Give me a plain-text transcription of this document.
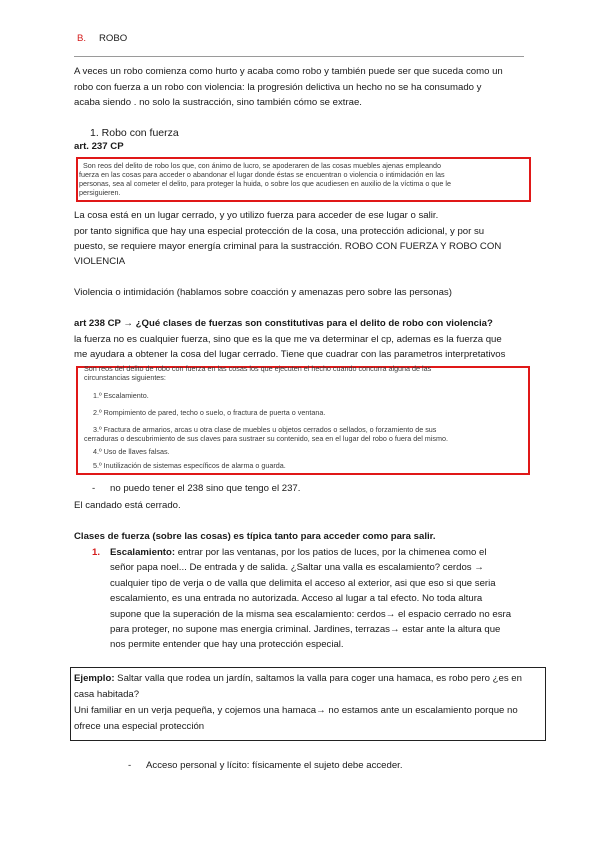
B. ROBO
A veces un robo comienza como hurto y acaba como robo y también puede ser que suceda como un
robo con fuerza a un robo con violencia: la progresión delictiva un hecho no se ha consumado y
acaba siendo . no solo la sustracción, sino también cómo se extrae.
1. Robo con fuerza
art. 237 CP
Son reos del delito de robo los que, con ánimo de lucro, se apoderaren de las cosas muebles ajenas empleando
fuerza en las cosas para acceder o abandonar el lugar donde éstas se encuentran o violencia o intimidación en las
personas, sea al cometer el delito, para proteger la huida, o sobre los que acudiesen en auxilio de la víctima o que le
persiguieren.
La cosa está en un lugar cerrado, y yo utilizo fuerza para acceder de ese lugar o salir.
por tanto significa que hay una especial protección de la cosa, una protección adicional, y por su
puesto, se requiere mayor energía criminal para la sustracción. ROBO CON FUERZA Y ROBO CON
VIOLENCIA
Violencia o intimidación (hablamos sobre coacción y amenazas pero sobre las personas)
art 238 CP → ¿Qué clases de fuerzas son constitutivas para el delito de robo con violencia?
la fuerza no es cualquier fuerza, sino que es la que me va determinar el cp, ademas es la fuerza que
me ayudara a obtener la cosa del lugar cerrado. Tiene que cuadrar con las parametros interpretativos
Son reos del delito de robo con fuerza en las cosas los que ejecuten el hecho cuando concurra alguna de las
circunstancias siguientes:
1.º Escalamiento.
2.º Rompimiento de pared, techo o suelo, o fractura de puerta o ventana.
3.º Fractura de armarios, arcas u otra clase de muebles u objetos cerrados o sellados, o forzamiento de sus
cerraduras o descubrimiento de sus claves para sustraer su contenido, sea en el lugar del robo o fuera del mismo.
4.º Uso de llaves falsas.
5.º Inutilización de sistemas específicos de alarma o guarda.
- no puedo tener el 238 sino que tengo el 237.
El candado está cerrado.
Clases de fuerza (sobre las cosas) es típica tanto para acceder como para salir.
1. Escalamiento: entrar por las ventanas, por los patios de luces, por la chimenea como el
señor papa noel... De entrada y de salida. ¿Saltar una valla es escalamiento? cerdos →
cualquier tipo de verja o de valla que delimita el acceso al exterior, asi que eso si que seria
escalamiento, es una entrada no autorizada. Acceso al lugar a tal efecto. No toda altura
supone que la superación de la misma sea escalamiento: cerdos→ el espacio cerrado no esra
para proteger, no supone mas energia criminal. Jardines, terrazas→ estar ante la altura que
nos permite entender que hay una protección especial.
Ejemplo: Saltar valla que rodea un jardín, saltamos la valla para coger una hamaca, es robo pero ¿es en
casa habitada?
Uni familiar en un verja pequeña, y cojemos una hamaca→ no estamos ante un escalamiento porque no
ofrece una especial protección
- Acceso personal y lícito: físicamente el sujeto debe acceder.
